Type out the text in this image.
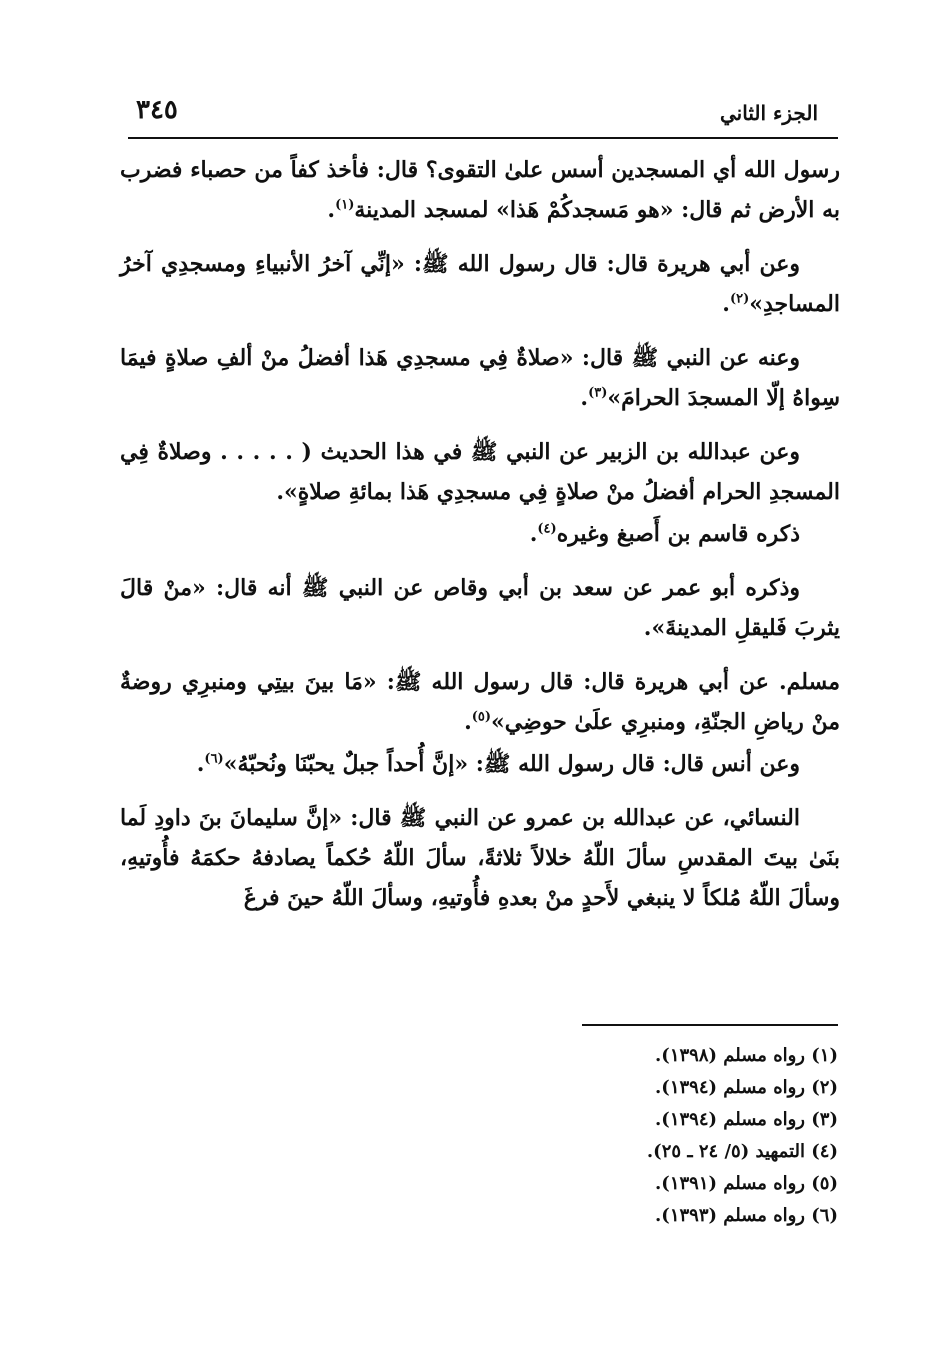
الجزء الثاني
٣٤٥

رسول الله أي المسجدين أسس علىٰ التقوى؟ قال: فأخذ كفاً من حصباء فضرب به الأرض ثم قال: «هو مَسجدكُمْ هَذا» لمسجد المدينة$^{(١)}$.

وعن أبي هريرة قال: قال رسول الله ﷺ: «إنِّي آخرُ الأنبياءِ ومسجدِي آخرُ المساجدِ»$^{(٢)}$.

وعنه عن النبي ﷺ قال: «صلاةٌ فِي مسجدِي هَذا أفضلُ منْ ألفِ صلاةٍ فيمَا سِواهُ إلّا المسجدَ الحرامَ»$^{(٣)}$.

وعن عبدالله بن الزبير عن النبي ﷺ في هذا الحديث ( . . . . . وصلاةٌ فِي المسجدِ الحرام أفضلُ منْ صلاةٍ فِي مسجدِي هَذا بمائةِ صلاةٍ».

ذكره قاسم بن أَصبغ وغيره$^{(٤)}$.

وذكره أبو عمر عن سعد بن أبي وقاص عن النبي ﷺ أنه قال: «منْ قالَ يثربَ فَليقلِ المدينةَ».

مسلم. عن أبي هريرة قال: قال رسول الله ﷺ: «مَا بينَ بيتِي ومنبرِي روضةٌ منْ رياضِ الجنّةِ، ومنبرِي علَىٰ حوضِي»$^{(٥)}$.

وعن أنس قال: قال رسول الله ﷺ: «إنَّ أُحداً جبلٌ يحبّنَا ونُحبّهُ»$^{(٦)}$.

النسائي، عن عبدالله بن عمرو عن النبي ﷺ قال: «إنَّ سليمانَ بنَ داودِ لَما بنَىٰ بيتَ المقدسِ سألَ اللّهُ خلالاً ثلاثةً، سألَ اللّهُ حُكماً يصادفهُ حكمَهُ فأُوتيهِ، وسألَ اللّهُ مُلكاً لا ينبغي لأَحدٍ منْ بعدهِ فأُوتيهِ، وسألَ اللّهُ حينَ فرغَ

(١) رواه مسلم (١٣٩٨).
(٢) رواه مسلم (١٣٩٤).
(٣) رواه مسلم (١٣٩٤).
(٤) التمهيد (٥/ ٢٤ ـ ٢٥).
(٥) رواه مسلم (١٣٩١).
(٦) رواه مسلم (١٣٩٣).
